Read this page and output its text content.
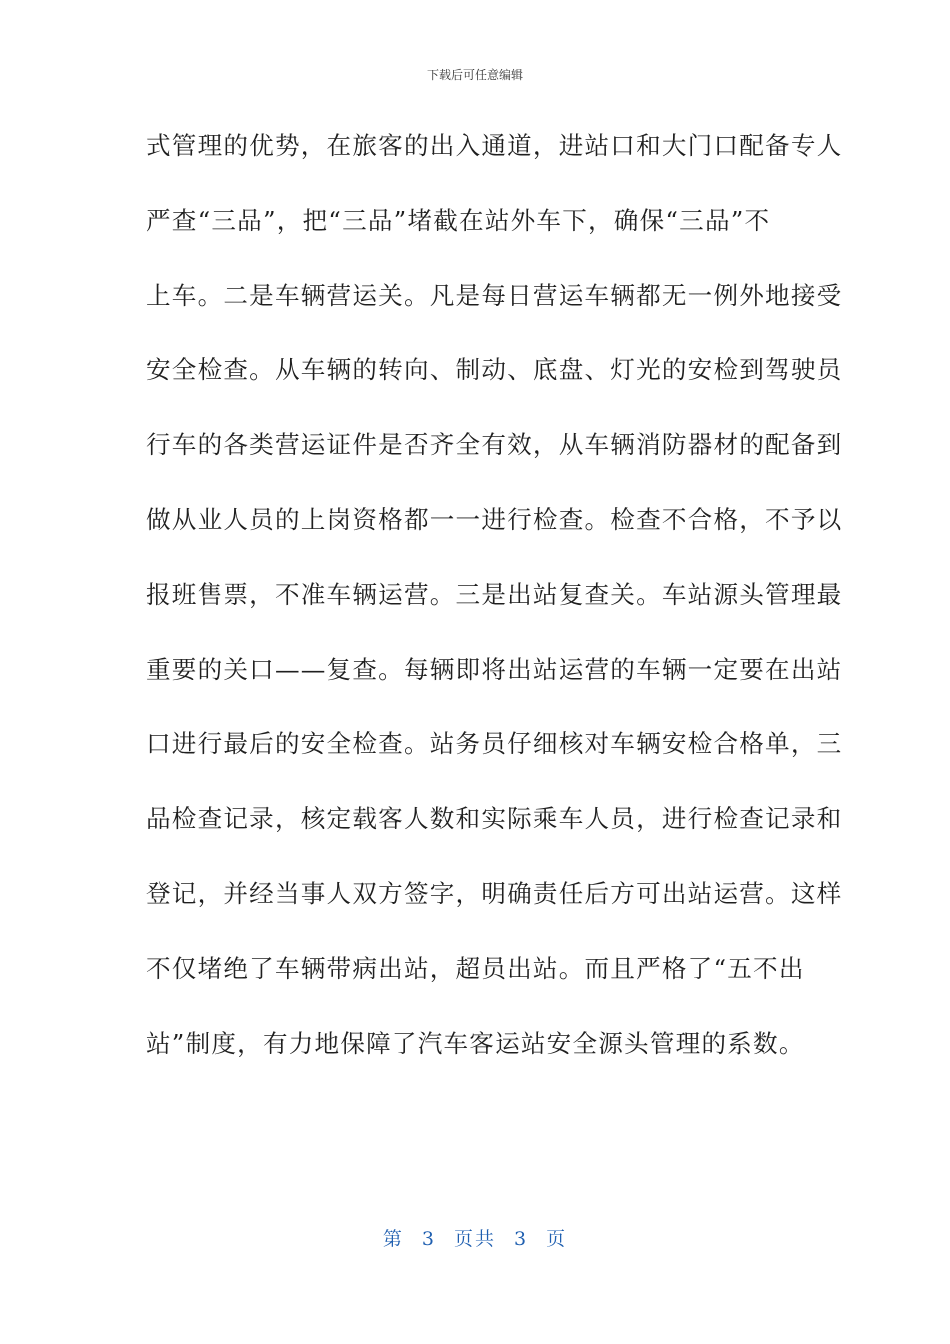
下载后可任意编辑
式管理的优势，在旅客的出入通道，进站口和大门口配备专人
严查“三品”，把“三品”堵截在站外车下，确保“三品”不
上车。二是车辆营运关。凡是每日营运车辆都无一例外地接受
安全检查。从车辆的转向、制动、底盘、灯光的安检到驾驶员
行车的各类营运证件是否齐全有效，从车辆消防器材的配备到
做从业人员的上岗资格都一一进行检查。检查不合格，不予以
报班售票，不准车辆运营。三是出站复查关。车站源头管理最
重要的关口——复查。每辆即将出站运营的车辆一定要在出站
口进行最后的安全检查。站务员仔细核对车辆安检合格单，三
品检查记录，核定载客人数和实际乘车人员，进行检查记录和
登记，并经当事人双方签字，明确责任后方可出站运营。这样
不仅堵绝了车辆带病出站，超员出站。而且严格了“五不出
站”制度，有力地保障了汽车客运站安全源头管理的系数。
第 3 页共 3 页
